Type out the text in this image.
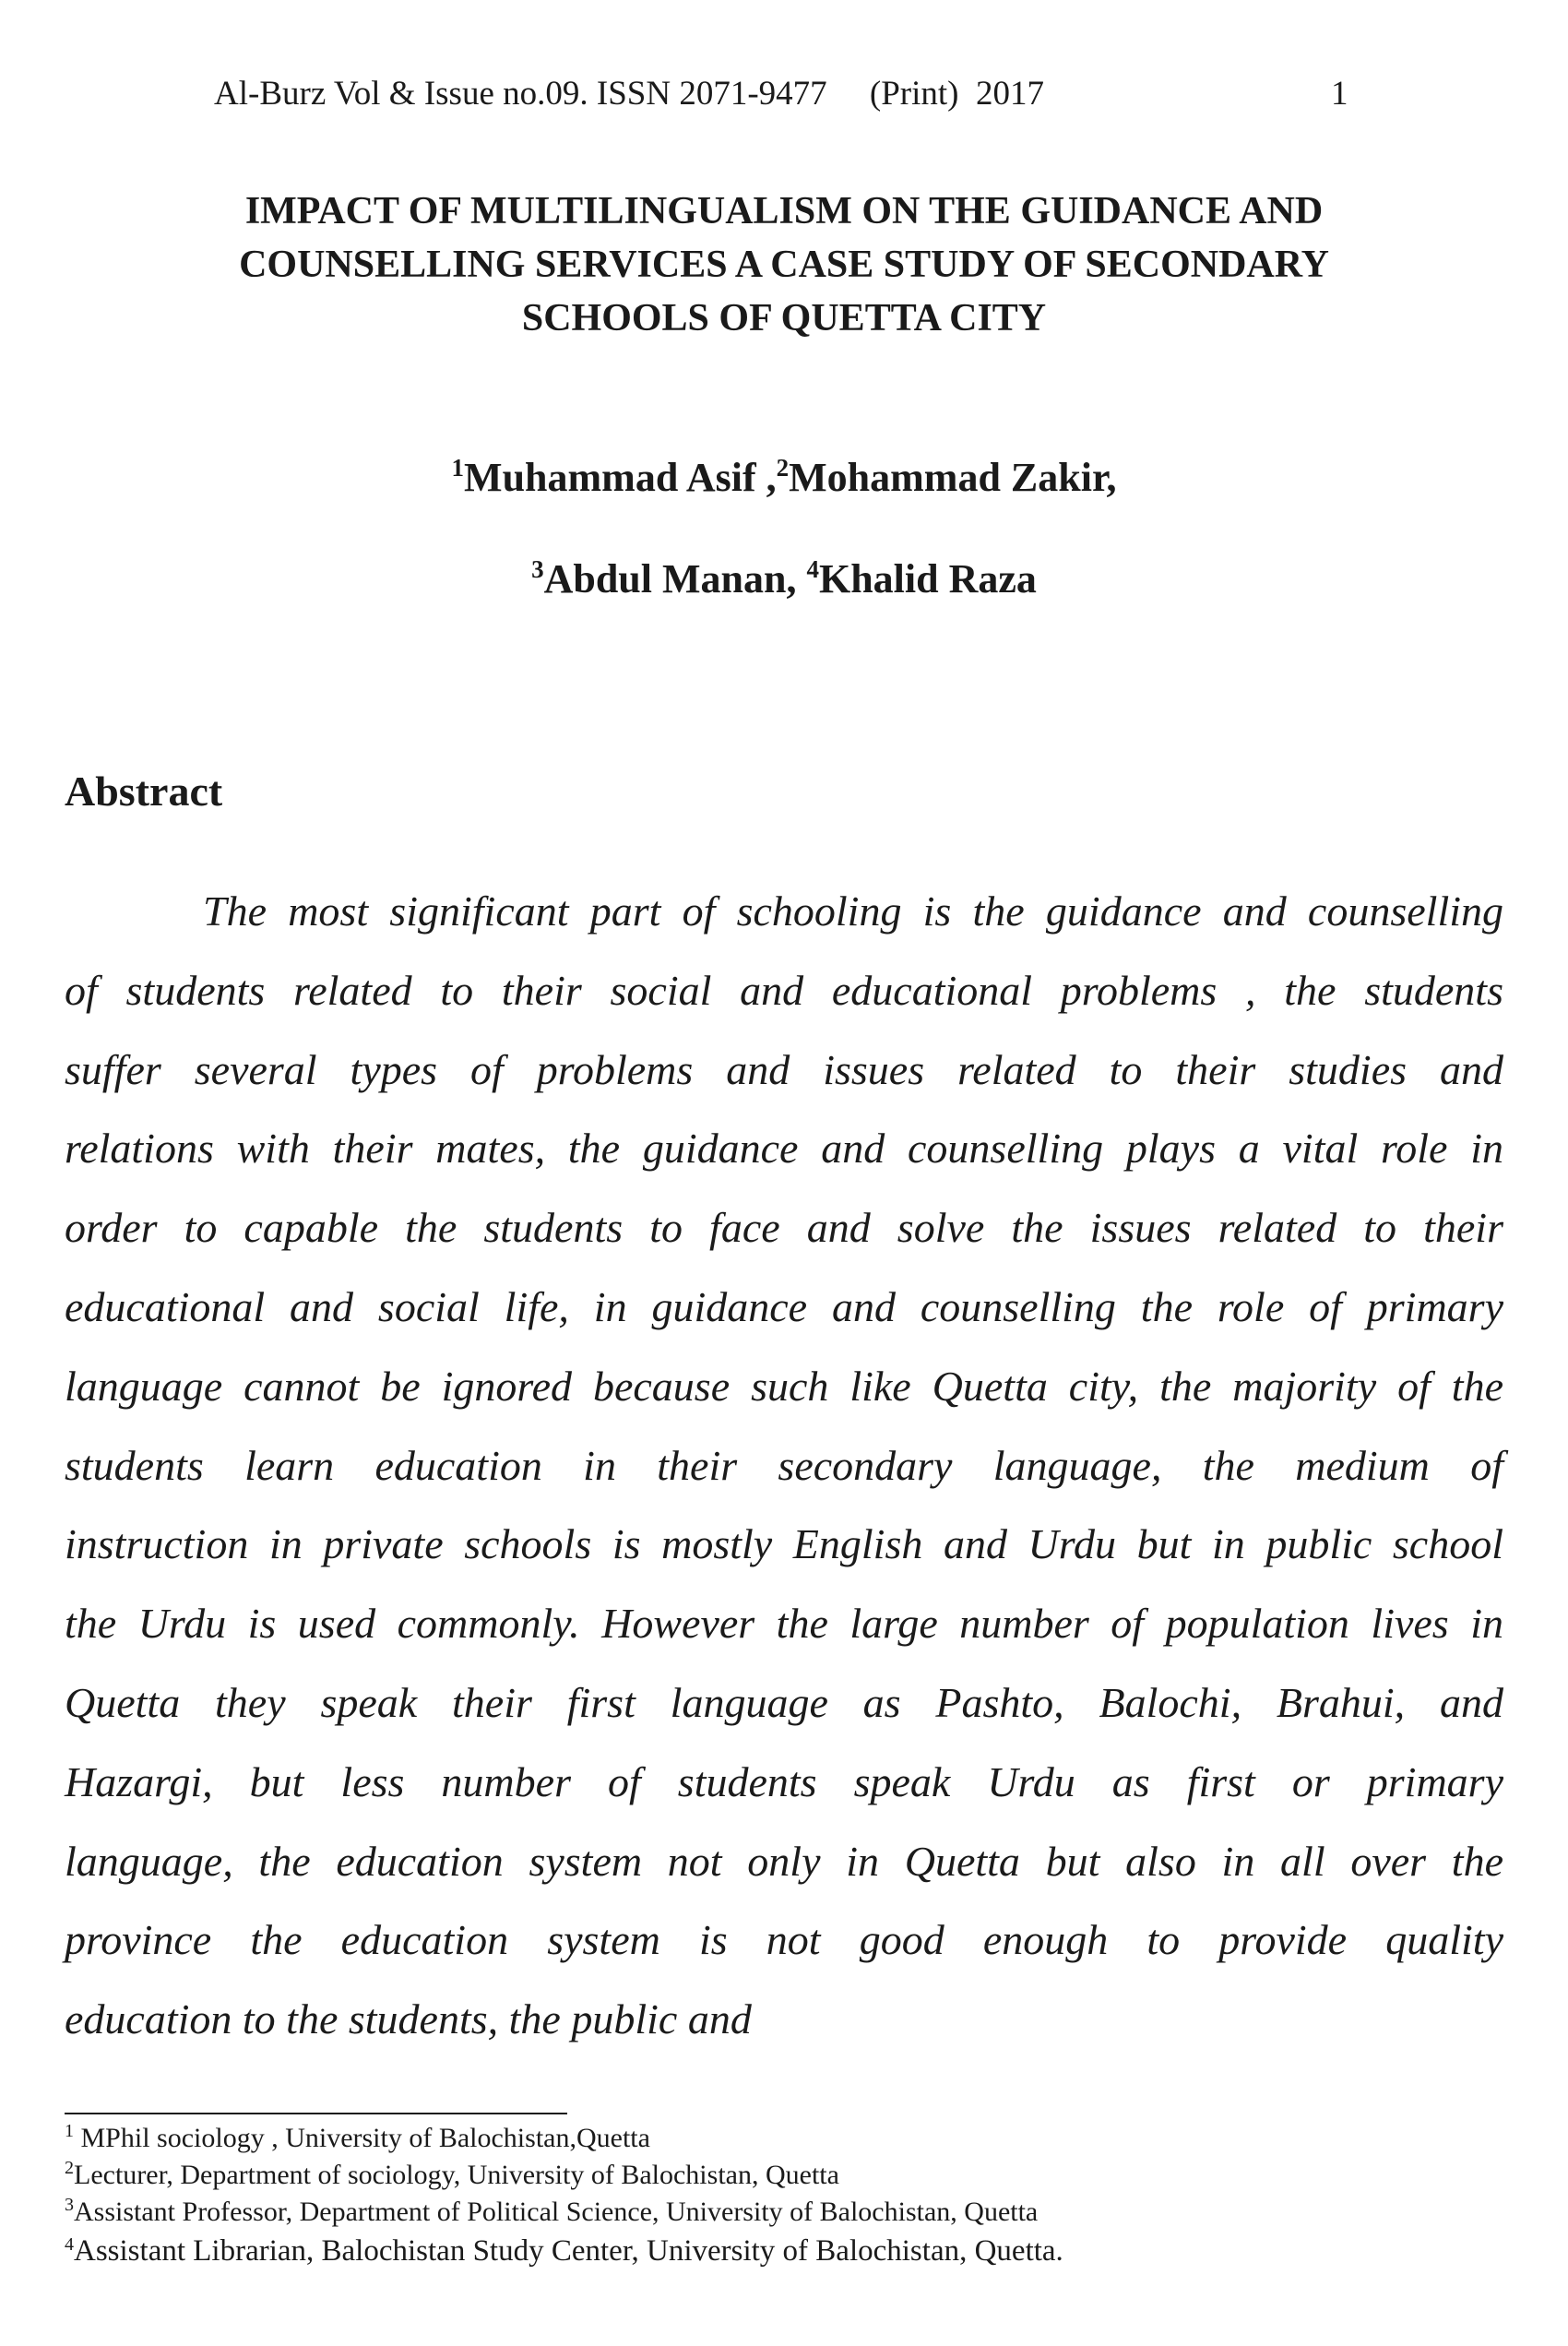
Al-Burz Vol & Issue no.09. ISSN 2071-9477     (Print)  2017	1
IMPACT OF MULTILINGUALISM ON THE GUIDANCE AND
COUNSELLING SERVICES A CASE STUDY OF SECONDARY
SCHOOLS OF QUETTA CITY
$^1$Muhammad Asif ,$^2$Mohammad Zakir,
$^3$Abdul Manan, $^4$Khalid Raza
Abstract
The most significant part of schooling is the guidance and counselling
of students related to their social and educational problems , the students
suffer several types of problems and issues related to their studies and
relations with their mates, the guidance and counselling plays a vital role in
order to capable the students to face and solve the issues related to their
educational and social life, in guidance and counselling the role of primary
language cannot be ignored because such like Quetta city, the majority of the
students learn education in their secondary language, the medium of
instruction in private schools is mostly English and Urdu but in public school
the Urdu is used commonly. However the large number of population lives in
Quetta they speak their first language as Pashto, Balochi, Brahui, and
Hazargi, but less number of students speak Urdu as first or primary
language, the education system not only in Quetta but also in all over the
province the education system is not good enough to provide quality
education to the students, the public and
$^1$ MPhil sociology , University of Balochistan,Quetta
$^2$Lecturer, Department of sociology, University of Balochistan, Quetta
$^3$Assistant Professor, Department of Political Science, University of Balochistan, Quetta
$^4$Assistant Librarian, Balochistan Study Center, University of Balochistan, Quetta.
